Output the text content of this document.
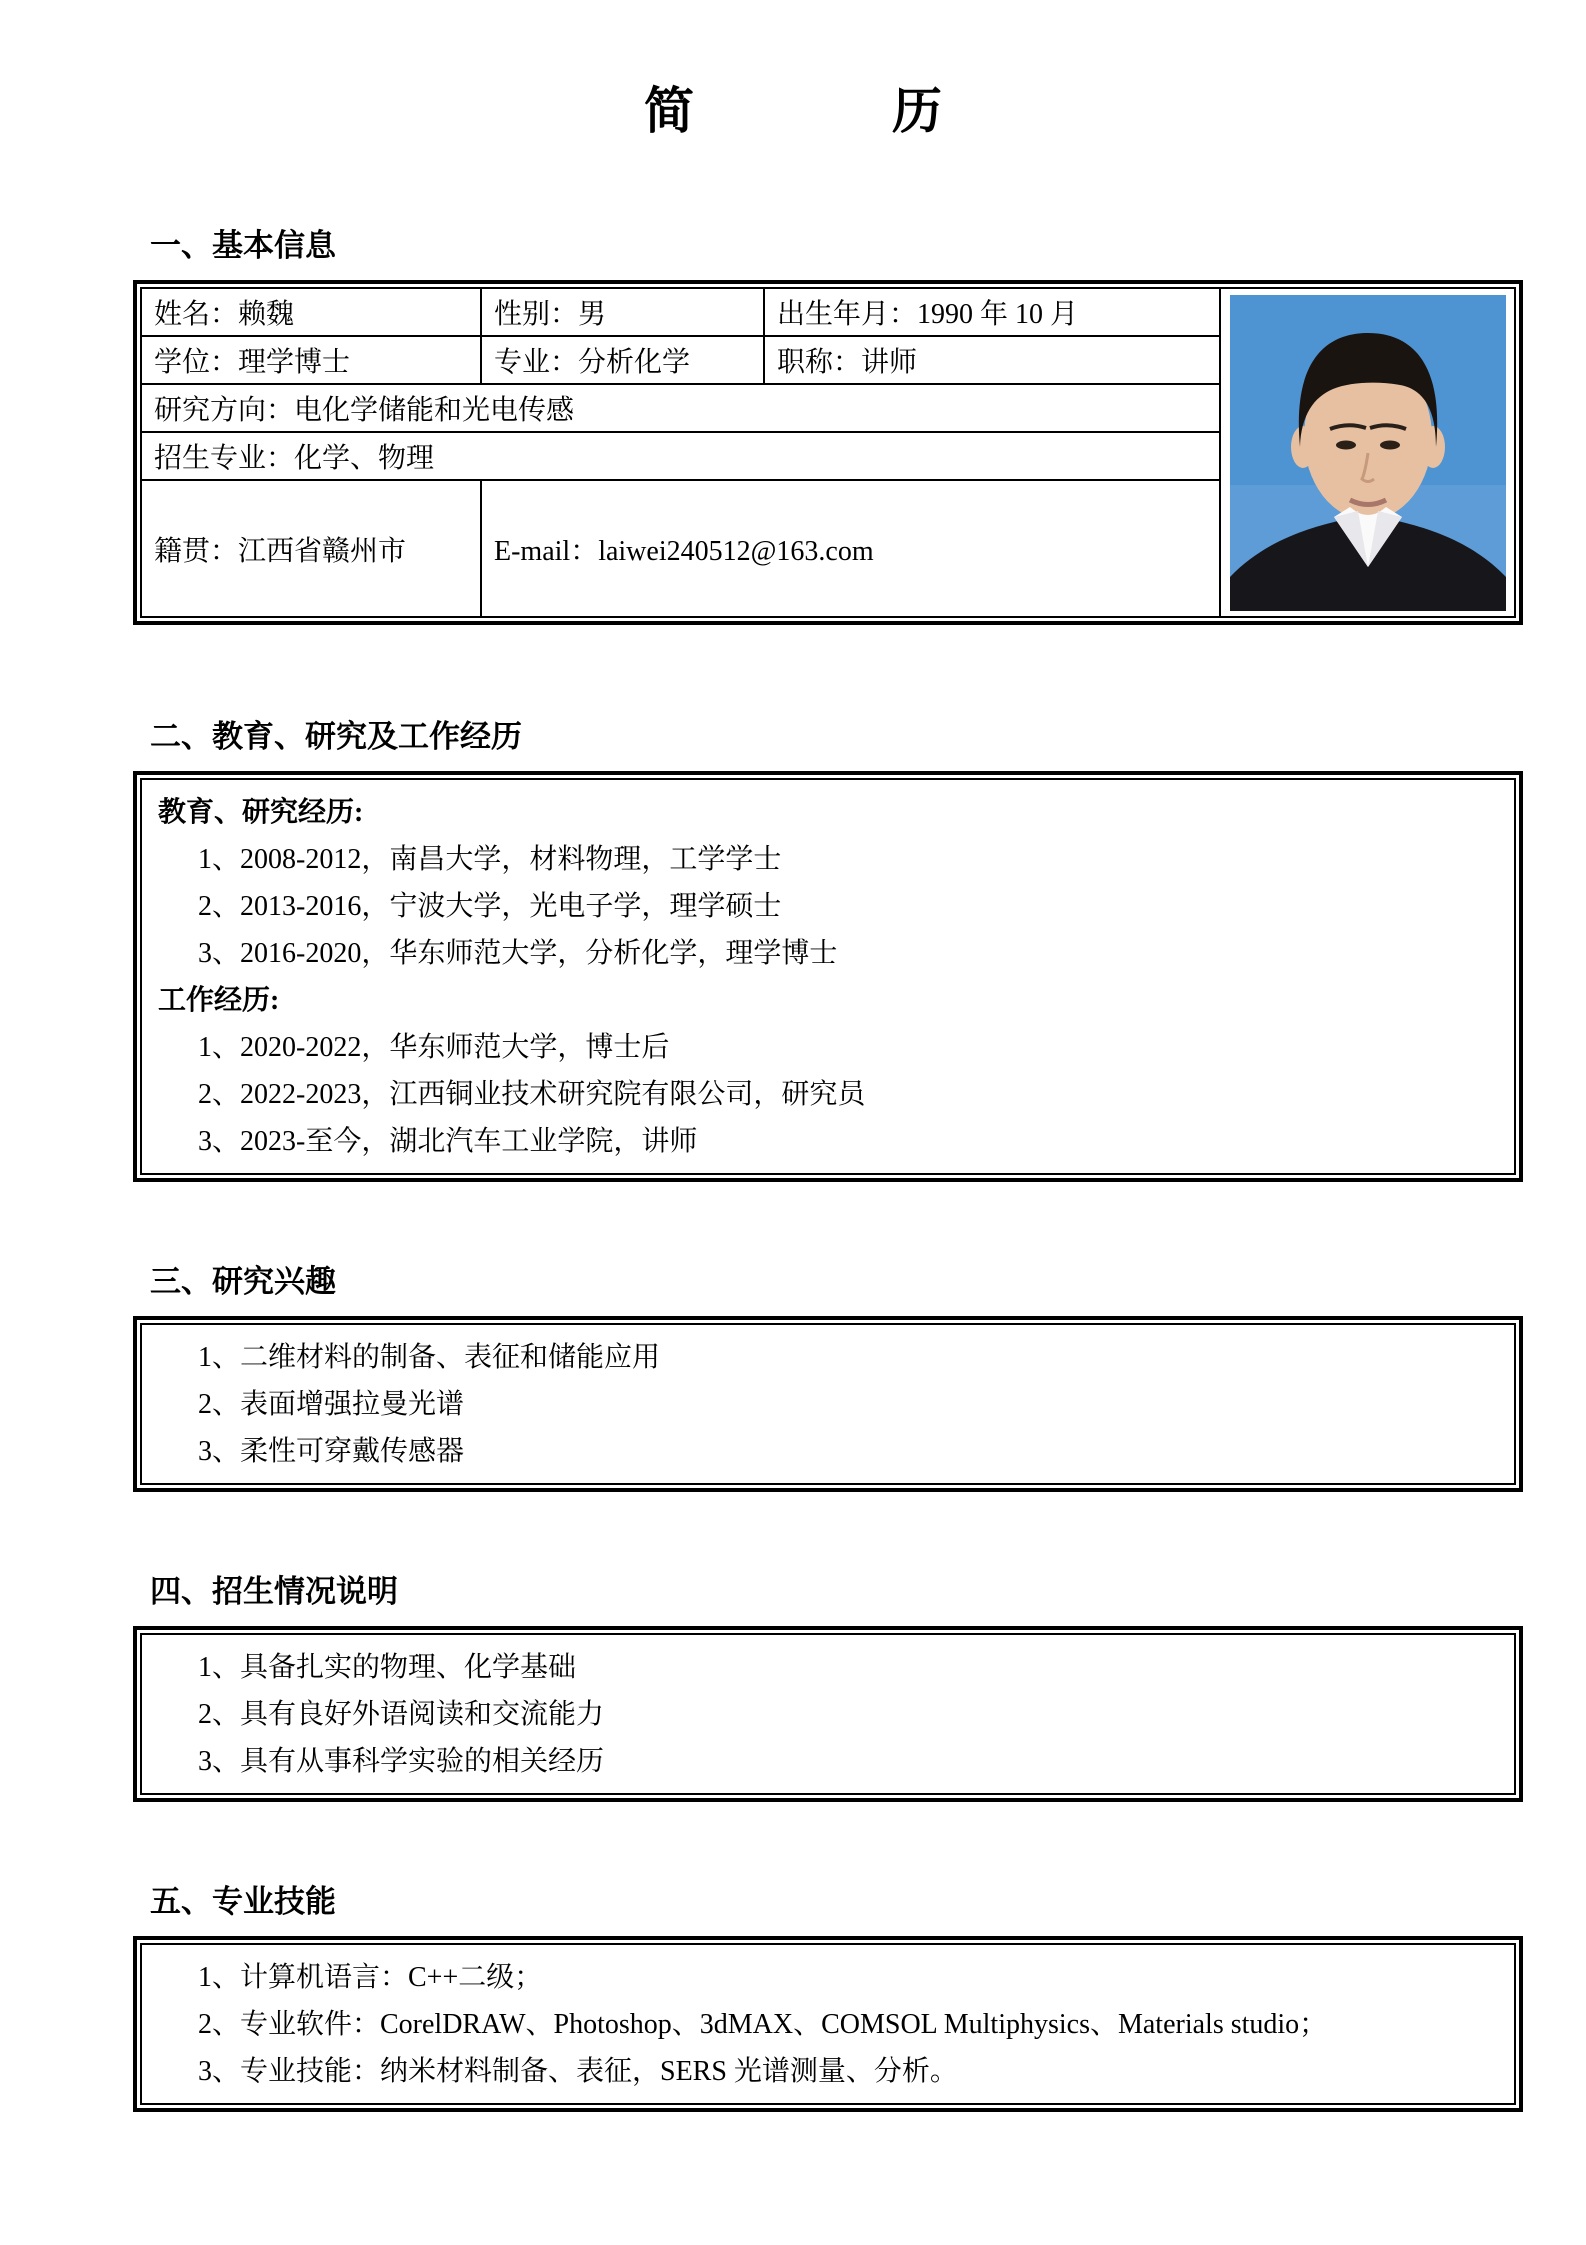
简	历
一、基本信息
姓名：赖魏	性别：男	出生年月：1990 年 10 月	

学位：理学博士	专业：分析化学	职称：讲师	
研究方向：电化学储能和光电传感			
招生专业：化学、物理			
籍贯：江西省赣州市	E-mail：laiwei240512@163.com		
二、教育、研究及工作经历

教育、研究经历:

1、2008-2012，南昌大学，材料物理，工学学士

2、2013-2016，宁波大学，光电子学，理学硕士

3、2016-2020，华东师范大学，分析化学，理学博士

工作经历:

1、2020-2022，华东师范大学，博士后

2、2022-2023，江西铜业技术研究院有限公司，研究员

3、2023-至今，湖北汽车工业学院，讲师

三、研究兴趣

1、二维材料的制备、表征和储能应用

2、表面增强拉曼光谱

3、柔性可穿戴传感器

四、招生情况说明

1、具备扎实的物理、化学基础

2、具有良好外语阅读和交流能力

3、具有从事科学实验的相关经历

五、专业技能

1、计算机语言：C++二级；

2、专业软件：CorelDRAW、Photoshop、3dMAX、COMSOL Multiphysics、Materials studio；

3、专业技能：纳米材料制备、表征，SERS 光谱测量、分析。
